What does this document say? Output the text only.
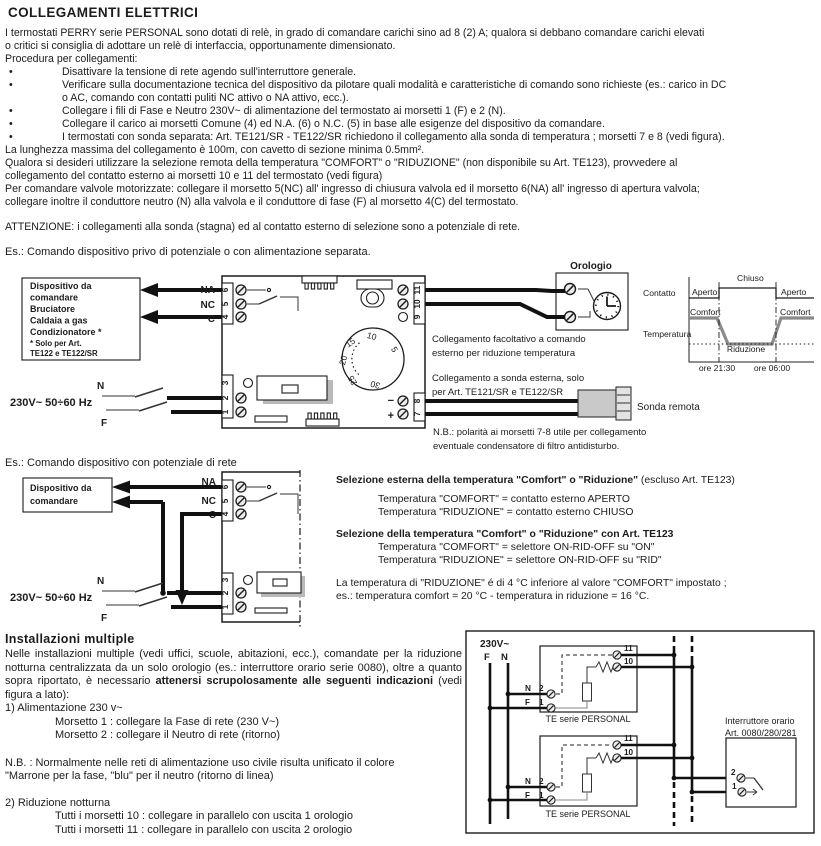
COLLEGAMENTI ELETTRICI
I termostati PERRY serie PERSONAL sono dotati di relè, in grado di comandare carichi sino ad 8 (2) A; qualora si debbano comandare carichi elevati
o critici si consiglia di adottare un relè di interfaccia, opportunamente dimensionato.
Procedura per collegamenti:
•	Disattivare la tensione di rete agendo sull'interruttore generale.
•	Verificare sulla documentazione tecnica del dispositivo da pilotare quali modalità e caratteristiche di comando sono richieste (es.: carico in DC
o AC, comando con contatti puliti NC attivo o NA attivo, ecc.).
•	Collegare i fili di Fase e Neutro 230V~ di alimentazione del termostato ai morsetti 1 (F) e 2 (N).
•	Collegare il carico ai morsetti Comune (4) ed N.A. (6) o N.C. (5) in base alle esigenze del dispositivo da comandare.
•	I termostati con sonda separata: Art. TE121/SR - TE122/SR richiedono il collegamento alla sonda di temperatura ; morsetti 7 e 8 (vedi figura).
La lunghezza massima del collegamento è 100m, con cavetto di sezione minima 0.5mm².
Qualora si desideri utilizzare la selezione remota della temperatura "COMFORT" o "RIDUZIONE" (non disponibile su Art. TE123), provvedere al
collegamento del contatto esterno ai morsetti 10 e 11 del termostato (vedi figura)
Per comandare valvole motorizzate: collegare il morsetto 5(NC) all' ingresso di chiusura valvola ed il morsetto 6(NA) all' ingresso di apertura valvola;
collegare inoltre il conduttore neutro (N) alla valvola e il conduttore di fase (F) al morsetto 4(C) del termostato.
ATTENZIONE: i collegamenti alla sonda (stagna) ed al contatto esterno di selezione sono a potenziale di rete.
Es.: Comando dispositivo privo di potenziale o con alimentazione separata.
Dispositivo da
comandare
Bruciatore
Caldaia a gas
Condizionatore *
* Solo per Art.
TE122 e TE122/SR
6
5
4
3
2
1
11
10
9
8
7
10
5
15
20
25 30
−
+
NA
NC
C
N
F
230V~ 50÷60 Hz
Orologio
Collegamento facoltativo a comando
esterno per riduzione temperatura
Collegamento a sonda esterna, solo
per Art. TE121/SR e TE122/SR
Sonda remota
N.B.: polarità ai morsetti 7-8 utile per collegamento
eventuale condensatore di filtro antidisturbo.
Contatto
Temperatura
Aperto
Chiuso
Aperto
Comfort	Comfort
Riduzione
ore 21:30 ore 06:00
Es.: Comando dispositivo con potenziale di rete
6
5
4
3
2
1
NA
NC
C
Dispositivo da
comandare
N
F
230V~ 50÷60 Hz
Selezione esterna della temperatura "Comfort" o "Riduzione" (escluso Art. TE123)
Temperatura "COMFORT" = contatto esterno APERTO
Temperatura "RIDUZIONE" = contatto esterno CHIUSO
Selezione della temperatura "Comfort" o "Riduzione" con Art. TE123
Temperatura "COMFORT" = selettore ON-RID-OFF su "ON"
Temperatura "RIDUZIONE" = selettore ON-RID-OFF su "RID"
La temperatura di "RIDUZIONE" é di 4 °C inferiore al valore "COMFORT" impostato ;
es.: temperatura comfort = 20 °C - temperatura in riduzione = 16 °C.
Installazioni multiple
Nelle installazioni multiple (vedi uffici, scuole, abitazioni, ecc.), comandate per la riduzione notturna centralizzata da un solo orologio (es.: interruttore orario serie 0080), oltre a quanto sopra riportato, è necessario attenersi scrupolosamente alle seguenti indicazioni (vedi figura a lato):
1) Alimentazione 230 v~
Morsetto 1 : collegare la Fase di rete (230 V~)
Morsetto 2 : collegare il Neutro di rete (ritorno)
N.B. : Normalmente nelle reti di alimentazione uso civile risulta unificato il colore
"Marrone per la fase, "blu" per il neutro (ritorno di linea)
2) Riduzione notturna
Tutti i morsetti 10 : collegare in parallelo con uscita 1 orologio
Tutti i morsetti 11 : collegare in parallelo con uscita 2 orologio
230V~
F N
TE serie PERSONAL
11
10
N 2
F 1
TE serie PERSONAL
11
10
N 2
F 1
Interruttore orario
Art. 0080/280/281
2
1
